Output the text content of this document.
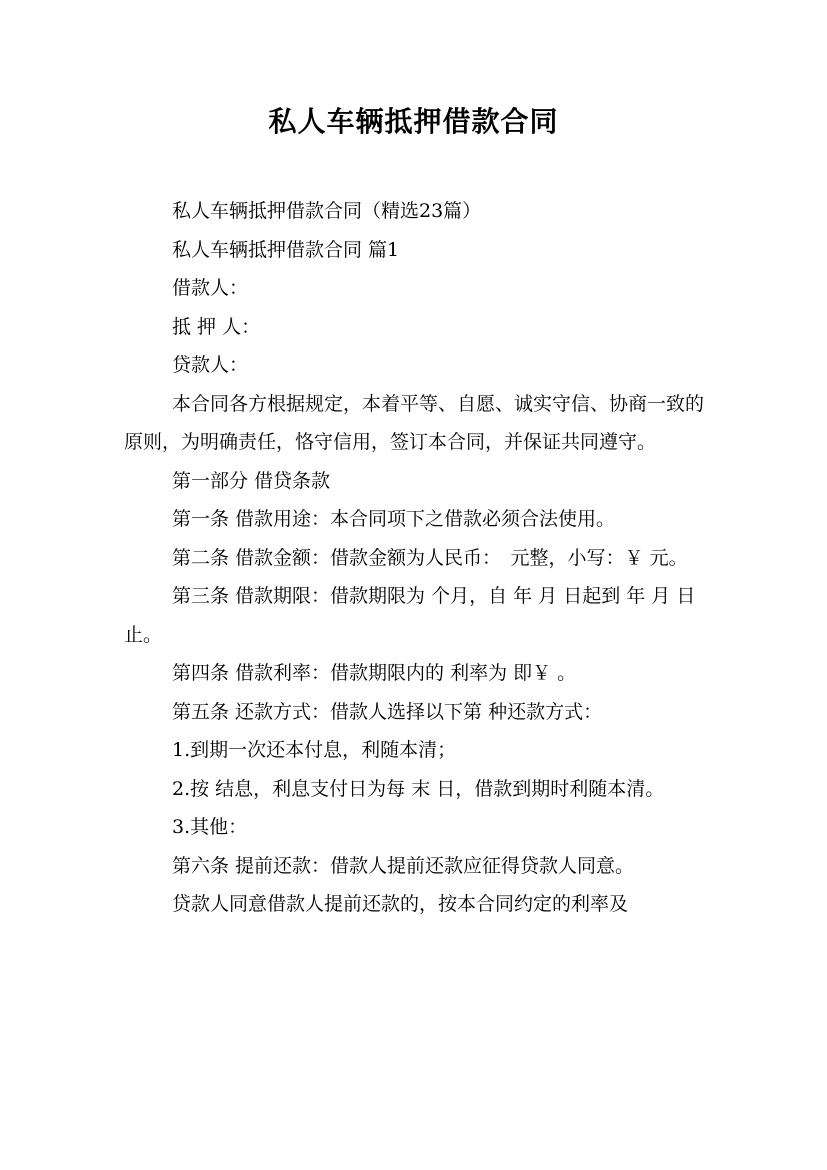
私人车辆抵押借款合同

私人车辆抵押借款合同（精选23篇）

私人车辆抵押借款合同 篇1

借款人：

抵 押 人：

贷款人：

本合同各方根据规定，本着平等、自愿、诚实守信、协商一致的原则，为明确责任，恪守信用，签订本合同，并保证共同遵守。

第一部分 借贷条款

第一条 借款用途：本合同项下之借款必须合法使用。

第二条 借款金额：借款金额为人民币：　元整，小写：￥ 元。

第三条 借款期限：借款期限为 个月，自 年 月 日起到 年 月 日止。

第四条 借款利率：借款期限内的 利率为 即￥ 。

第五条 还款方式：借款人选择以下第 种还款方式：

1.到期一次还本付息，利随本清；

2.按 结息，利息支付日为每 末 日，借款到期时利随本清。

3.其他：

第六条 提前还款：借款人提前还款应征得贷款人同意。

贷款人同意借款人提前还款的，按本合同约定的利率及
